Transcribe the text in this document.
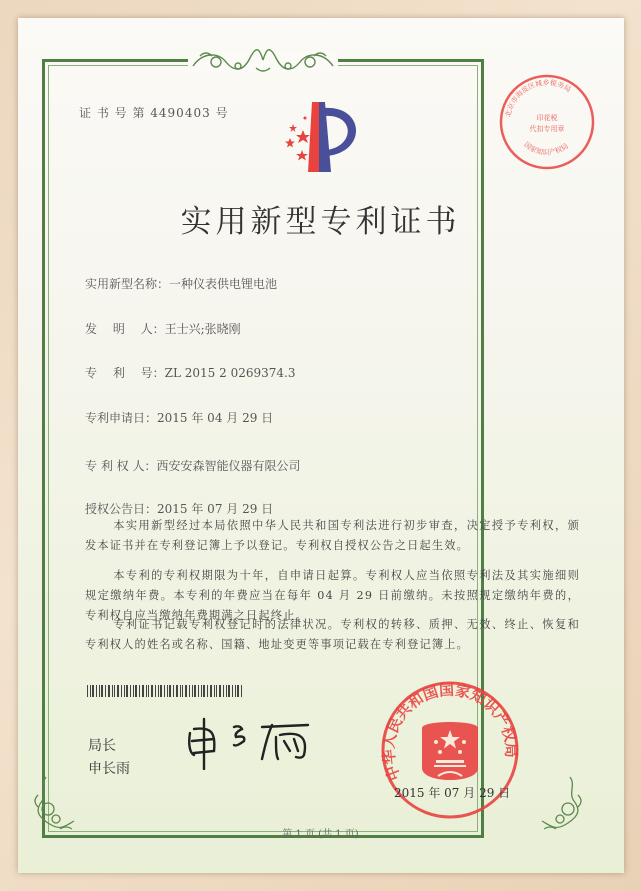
证 书 号 第 4490403 号	北京市海淀区城乡税务局
国家知识产权局
印花税
代扣专用章
实用新型专利证书
实用新型名称：一种仪表供电锂电池
发　 明　 人：王士兴;张晓刚
专　 利　 号：ZL 2015 2 0269374.3
专利申请日：2015 年 04 月 29 日
专 利 权 人：西安安森智能仪器有限公司
授权公告日：2015 年 07 月 29 日
本实用新型经过本局依照中华人民共和国专利法进行初步审查，决定授予专利权，颁发本证书并在专利登记簿上予以登记。专利权自授权公告之日起生效。
本专利的专利权期限为十年，自申请日起算。专利权人应当依照专利法及其实施细则规定缴纳年费。本专利的年费应当在每年 04 月 29 日前缴纳。未按照规定缴纳年费的，专利权自应当缴纳年费期满之日起终止。
专利证书记载专利权登记时的法律状况。专利权的转移、质押、无效、终止、恢复和专利权人的姓名或名称、国籍、地址变更等事项记载在专利登记簿上。
局长
申长雨	中华人民共和国国家知识产权局
2015 年 07 月 29 日
第 1 页 (共 1 页)
